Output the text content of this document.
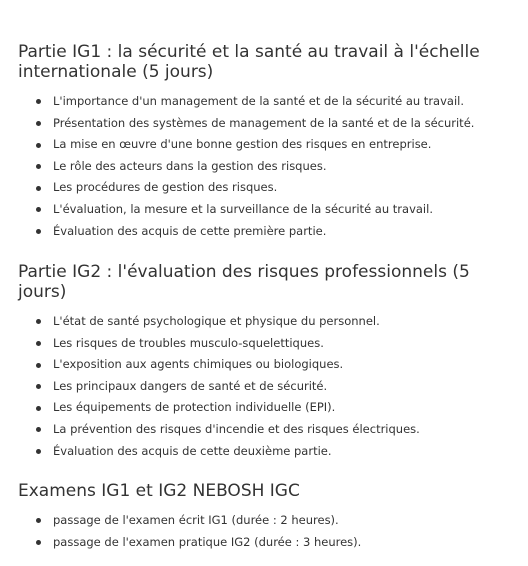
Partie IG1 : la sécurité et la santé au travail à l'échelle internationale (5 jours)
L'importance d'un management de la santé et de la sécurité au travail.
Présentation des systèmes de management de la santé et de la sécurité.
La mise en œuvre d'une bonne gestion des risques en entreprise.
Le rôle des acteurs dans la gestion des risques.
Les procédures de gestion des risques.
L'évaluation, la mesure et la surveillance de la sécurité au travail.
Évaluation des acquis de cette première partie.
Partie IG2 : l'évaluation des risques professionnels (5 jours)
L'état de santé psychologique et physique du personnel.
Les risques de troubles musculo-squelettiques.
L'exposition aux agents chimiques ou biologiques.
Les principaux dangers de santé et de sécurité.
Les équipements de protection individuelle (EPI).
La prévention des risques d'incendie et des risques électriques.
Évaluation des acquis de cette deuxième partie.
Examens IG1 et IG2 NEBOSH IGC
passage de l'examen écrit IG1 (durée : 2 heures).
passage de l'examen pratique IG2 (durée : 3 heures).
